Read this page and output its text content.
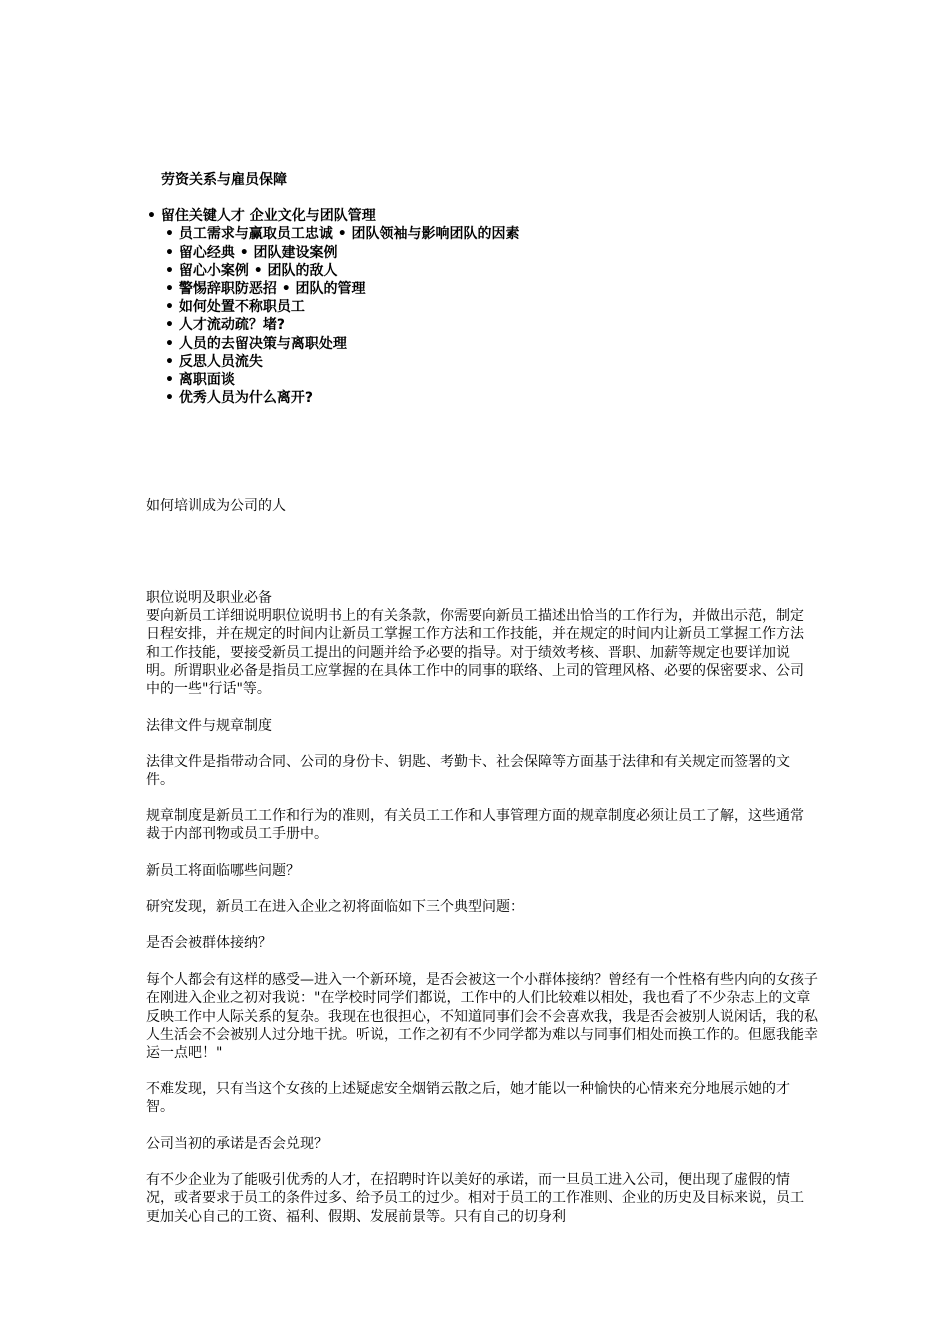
劳资关系与雇员保障
• 留住关键人才 企业文化与团队管理
• 员工需求与赢取员工忠诚 • 团队领袖与影响团队的因素
• 留心经典 • 团队建设案例
• 留心小案例 • 团队的敌人
• 警惕辞职防恶招 • 团队的管理
• 如何处置不称职员工
• 人才流动疏？堵?
• 人员的去留决策与离职处理
• 反思人员流失
• 离职面谈
• 优秀人员为什么离开?

如何培训成为公司的人

职位说明及职业必备

要向新员工详细说明职位说明书上的有关条款，你需要向新员工描述出恰当的工作行为，并做出示范，制定日程安排，并在规定的时间内让新员工掌握工作方法和工作技能，并在规定的时间内让新员工掌握工作方法和工作技能，要接受新员工提出的问题并给予必要的指导。对于绩效考核、晋职、加薪等规定也要详加说明。所谓职业必备是指员工应掌握的在具体工作中的同事的联络、上司的管理风格、必要的保密要求、公司中的一些"行话"等。

法律文件与规章制度

法律文件是指带动合同、公司的身份卡、钥匙、考勤卡、社会保障等方面基于法律和有关规定而签署的文件。

规章制度是新员工工作和行为的准则，有关员工工作和人事管理方面的规章制度必须让员工了解，这些通常裁于内部刊物或员工手册中。

新员工将面临哪些问题？

研究发现，新员工在进入企业之初将面临如下三个典型问题：

是否会被群体接纳？

每个人都会有这样的感受—进入一个新环境，是否会被这一个小群体接纳？曾经有一个性格有些内向的女孩子在刚进入企业之初对我说："在学校时同学们都说，工作中的人们比较难以相处，我也看了不少杂志上的文章反映工作中人际关系的复杂。我现在也很担心，不知道同事们会不会喜欢我，我是否会被别人说闲话，我的私人生活会不会被别人过分地干扰。听说，工作之初有不少同学都为难以与同事们相处而换工作的。但愿我能幸运一点吧！"

不难发现，只有当这个女孩的上述疑虑安全烟销云散之后，她才能以一种愉快的心情来充分地展示她的才智。

公司当初的承诺是否会兑现？

有不少企业为了能吸引优秀的人才，在招聘时许以美好的承诺，而一旦员工进入公司，便出现了虚假的情况，或者要求于员工的条件过多、给予员工的过少。相对于员工的工作准则、企业的历史及目标来说，员工更加关心自己的工资、福利、假期、发展前景等。只有自己的切身利
